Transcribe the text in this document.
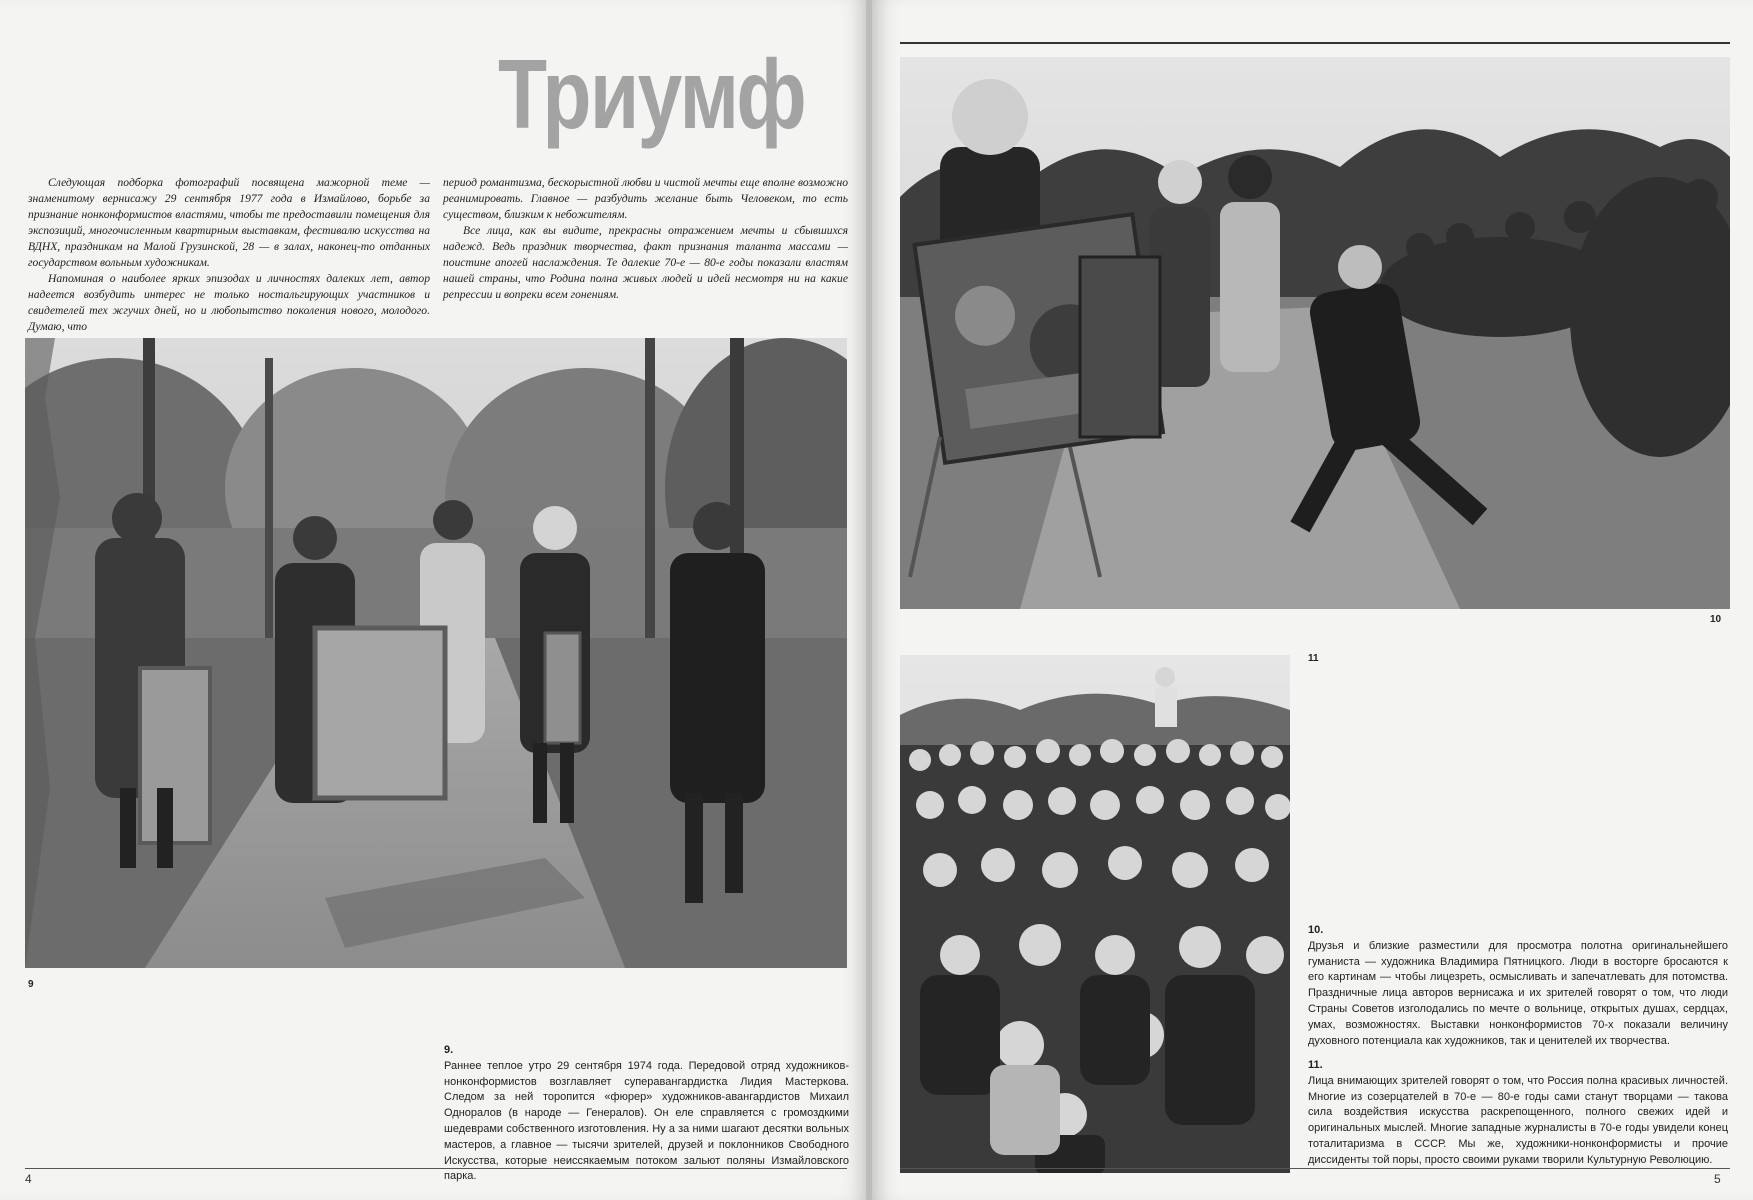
Триумф

Следующая подборка фотографий посвящена мажорной теме — знаменитому вернисажу 29 сентября 1977 года в Измайлово, борьбе за признание нонконформистов властями, чтобы те предоставили помещения для экспозиций, многочисленным квартирным выставкам, фестивалю искусства на ВДНХ, праздникам на Малой Грузинской, 28 — в залах, наконец-то отданных государством вольным художникам.

Напоминая о наиболее ярких эпизодах и личностях далеких лет, автор надеется возбудить интерес не только ностальгирующих участников и свидетелей тех жгучих дней, но и любопытство поколения нового, молодого. Думаю, что

период романтизма, бескорыстной любви и чистой мечты еще вполне возможно реанимировать. Главное — разбудить желание быть Человеком, то есть существом, близким к небожителям.

Все лица, как вы видите, прекрасны отражением мечты и сбывшихся надежд. Ведь праздник творчества, факт признания таланта массами — поистине апогей наслаждения. Те далекие 70-е — 80-е годы показали властям нашей страны, что Родина полна живых людей и идей несмотря ни на какие репрессии и вопреки всем гонениям.

9
9.
Раннее теплое утро 29 сентября 1974 года. Передовой отряд художников-нонконформистов возглавляет суперавангардистка Лидия Мастеркова. Следом за ней торопится «фюрер» художников-авангардистов Михаил Одноралов (в народе — Генералов). Он еле справляется с громоздкими шедеврами собственного изготовления. Ну а за ними шагают десятки вольных мастеров, а главное — тысячи зрителей, друзей и поклонников Свободного Искусства, которые неиссякаемым потоком зальют поляны Измайловского парка.
4
10
11
10.
Друзья и близкие разместили для просмотра полотна оригинальнейшего гуманиста — художника Владимира Пятницкого. Люди в восторге бросаются к его картинам — чтобы лицезреть, осмысливать и запечатлевать для потомства. Праздничные лица авторов вернисажа и их зрителей говорят о том, что люди Страны Советов изголодались по мечте о вольнице, открытых душах, сердцах, умах, возможностях. Выставки нонконформистов 70-х показали величину духовного потенциала как художников, так и ценителей их творчества.
11.
Лица внимающих зрителей говорят о том, что Россия полна красивых личностей. Многие из созерцателей в 70-е — 80-е годы сами станут творцами — такова сила воздействия искусства раскрепощенного, полного свежих идей и оригинальных мыслей. Многие западные журналисты в 70-е годы увидели конец тоталитаризма в СССР. Мы же, художники-нонконформисты и прочие диссиденты той поры, просто своими руками творили Культурную Революцию.
5
